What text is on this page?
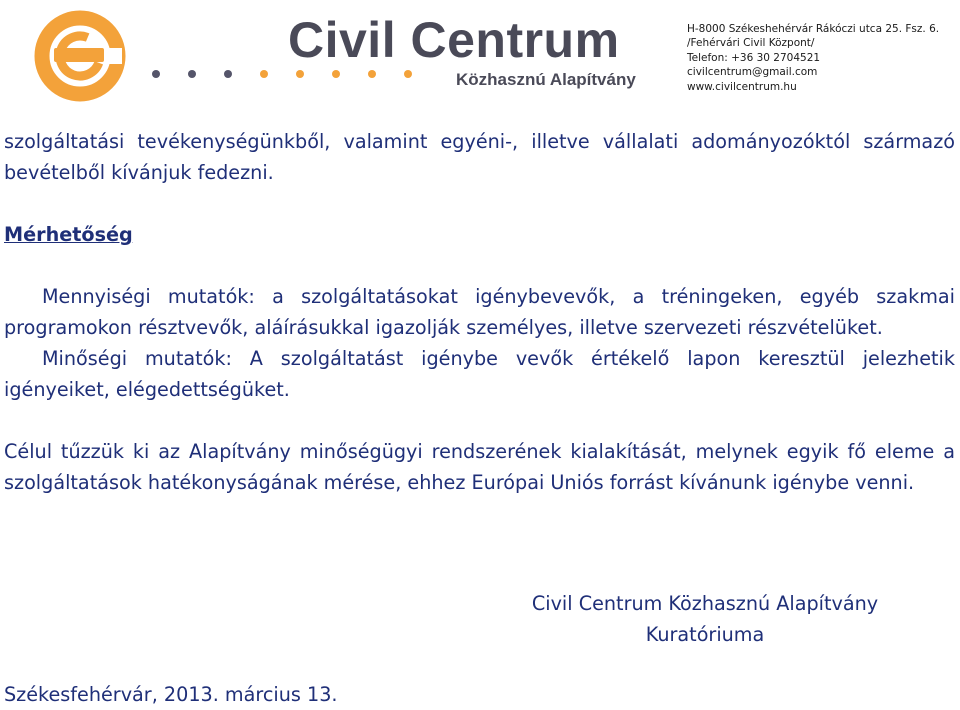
Civil Centrum
Közhasznú Alapítvány
H-8000 Székeshehérvár Rákóczi utca 25. Fsz. 6.
/Fehérvári Civil Központ/
Telefon: +36 30 2704521
civilcentrum@gmail.com
www.civilcentrum.hu

szolgáltatási tevékenységünkből, valamint egyéni-, illetve vállalati adományozóktól származó bevételből kívánjuk fedezni.

Mérhetőség

Mennyiségi mutatók: a szolgáltatásokat igénybevevők, a tréningeken, egyéb szakmai programokon résztvevők, aláírásukkal igazolják személyes, illetve szervezeti részvételüket.

Minőségi mutatók: A szolgáltatást igénybe vevők értékelő lapon keresztül jelezhetik igényeiket, elégedettségüket.

Célul tűzzük ki az Alapítvány minőségügyi rendszerének kialakítását, melynek egyik fő eleme a szolgáltatások hatékonyságának mérése, ehhez Európai Uniós forrást kívánunk igénybe venni.

Civil Centrum Közhasznú Alapítvány
Kuratóriuma
Székesfehérvár, 2013. március 13.
